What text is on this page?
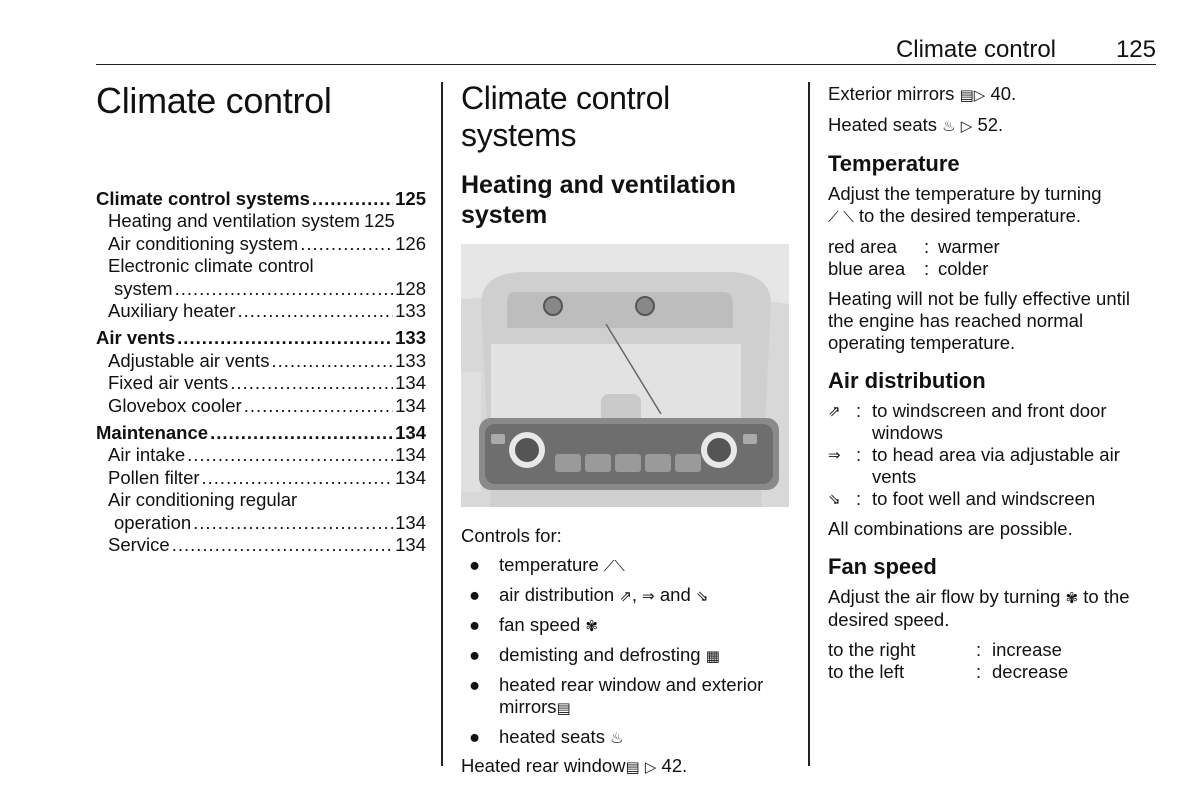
Climate control 125
Climate control
Climate control systems .....	125
Heating and ventilation system 125
Air conditioning system .....	126
Electronic climate control
system .....	128
Auxiliary heater .....	133
Air vents .....	133
Adjustable air vents .....	133
Fixed air vents .....	134
Glovebox cooler .....	134
Maintenance .....	134
Air intake .....	134
Pollen filter .....	134
Air conditioning regular
operation .....	134
Service .....	134
Climate control systems
Heating and ventilation system
Controls for:
●	temperature ⟋⟍
●	air distribution ⇗, ⇒ and ⇘
●	fan speed ✾
●	demisting and defrosting ▦
●	heated rear window and exterior
mirrors▤
●	heated seats ♨
Heated rear window▤ ▷ 42.
Exterior mirrors ▤▷ 40.
Heated seats ♨ ▷ 52.
Temperature
Adjust the temperature by turning
⟋ ⟍ to the desired temperature.
red area	: warmer
blue area	: colder
Heating will not be fully effective until the engine has reached normal operating temperature.
Air distribution
⇗ : to windscreen and front door
windows
⇒ : to head area via adjustable air
vents
⇘ : to foot well and windscreen
All combinations are possible.
Fan speed
Adjust the air flow by turning ✾ to the
desired speed.
to the right	: increase
to the left	: decrease
